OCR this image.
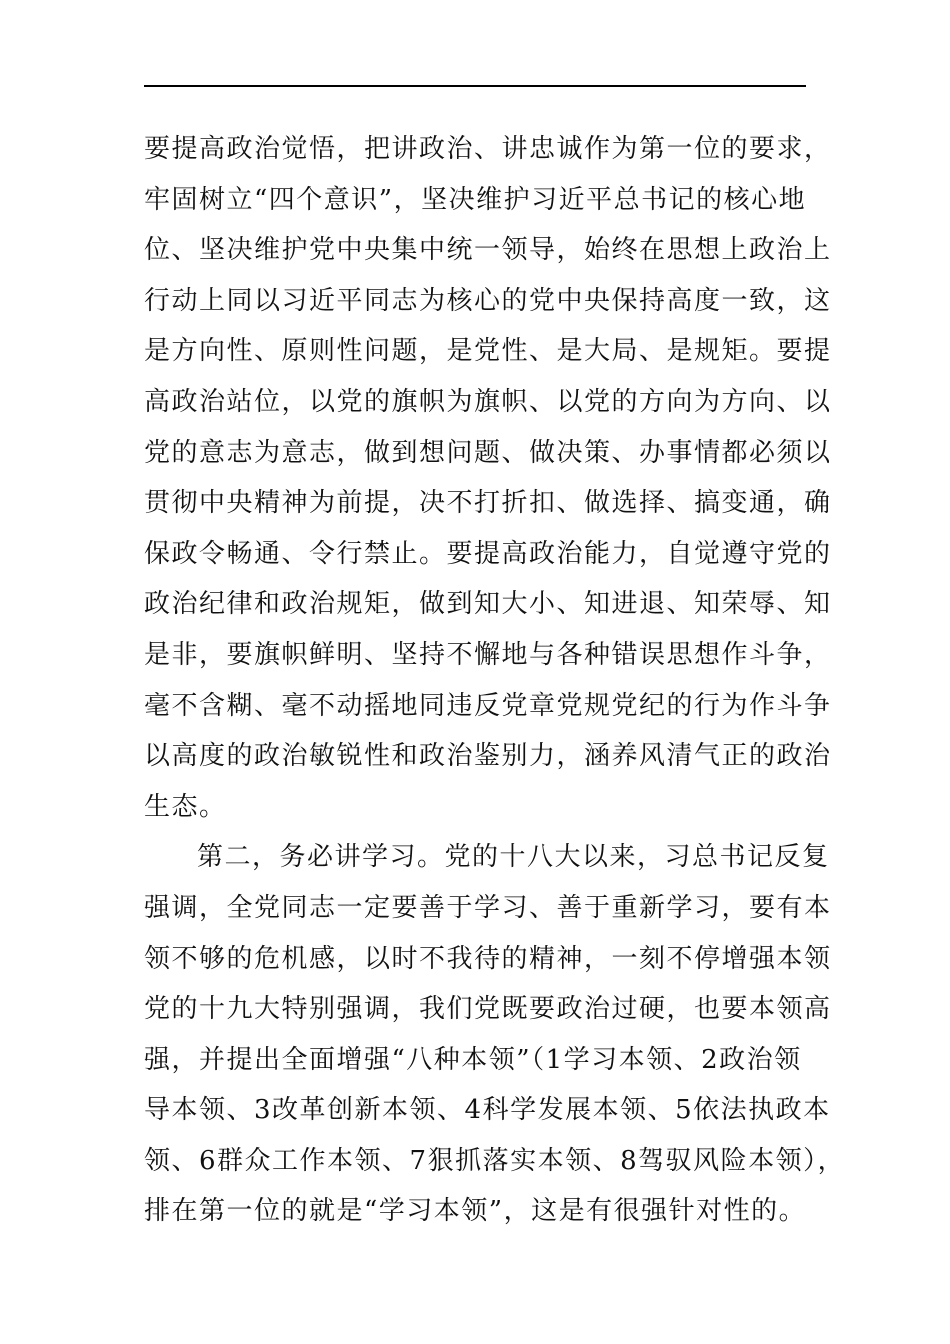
要提高政治觉悟，把讲政治、讲忠诚作为第一位的要求，
牢固树立“四个意识”，坚决维护习近平总书记的核心地
位、坚决维护党中央集中统一领导，始终在思想上政治上
行动上同以习近平同志为核心的党中央保持高度一致，这
是方向性、原则性问题，是党性、是大局、是规矩。要提
高政治站位，以党的旗帜为旗帜、以党的方向为方向、以
党的意志为意志，做到想问题、做决策、办事情都必须以
贯彻中央精神为前提，决不打折扣、做选择、搞变通，确
保政令畅通、令行禁止。要提高政治能力，自觉遵守党的
政治纪律和政治规矩，做到知大小、知进退、知荣辱、知
是非，要旗帜鲜明、坚持不懈地与各种错误思想作斗争，
毫不含糊、毫不动摇地同违反党章党规党纪的行为作斗争
以高度的政治敏锐性和政治鉴别力，涵养风清气正的政治
生态。
第二，务必讲学习。党的十八大以来，习总书记反复
强调，全党同志一定要善于学习、善于重新学习，要有本
领不够的危机感，以时不我待的精神，一刻不停增强本领
党的十九大特别强调，我们党既要政治过硬，也要本领高
强，并提出全面增强“八种本领”（1学习本领、2政治领
导本领、3改革创新本领、4科学发展本领、5依法执政本
领、6群众工作本领、7狠抓落实本领、8驾驭风险本领），
排在第一位的就是“学习本领”，这是有很强针对性的。
